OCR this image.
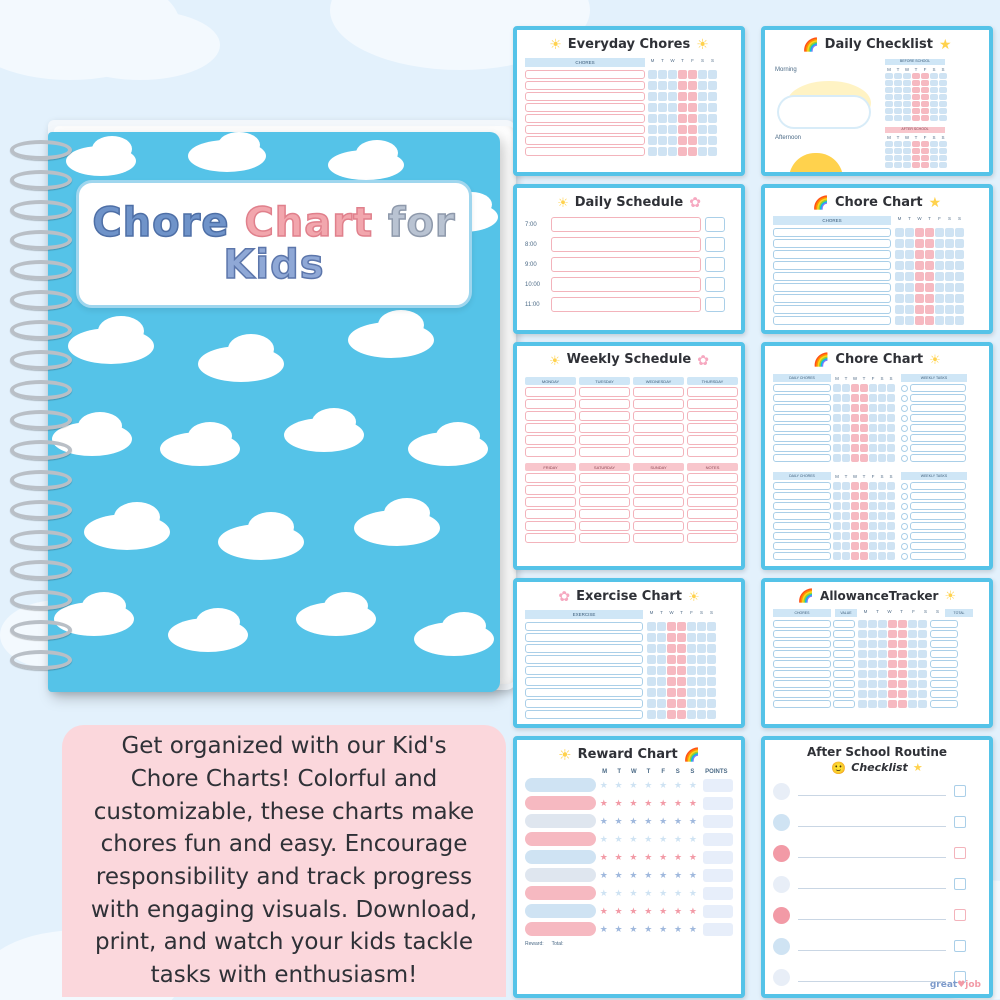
Chore Chart for
Kids
Get organized with our Kid's Chore Charts! Colorful and customizable, these charts make chores fun and easy. Encourage responsibility and track progress with engaging visuals. Download, print, and watch your kids tackle tasks with enthusiasm!
☀ Everyday Chores ☀
CHORES	M	T	W	T	F	S	S
🌈 Daily Checklist ★
Morning
BEFORE SCHOOL
M	T	W	T	F	S	S
Afternoon
AFTER SCHOOL
M	T	W	T	F	S	S
☀ Daily Schedule ✿
7:00
8:00
9:00
10:00
11:00
🌈 Chore Chart ★
CHORES	M	T	W	T	F	S	S
☀ Weekly Schedule ✿
MONDAY	TUESDAY	WEDNESDAY	THURSDAY
FRIDAY	SATURDAY	SUNDAY	NOTES
🌈 Chore Chart ☀
DAILY CHORES	M	T	W	T	F	S	S	WEEKLY TASKS
DAILY CHORES	M	T	W	T	F	S	S	WEEKLY TASKS
✿ Exercise Chart ☀
EXERCISE	M	T	W	T	F	S	S
🌈 AllowanceTracker ☀
CHORES	VALUE	M	T	W	T	F	S	S	TOTAL
☀ Reward Chart 🌈
M	T	W	T	F	S	S	POINTS
★ ★ ★ ★ ★ ★ ★
★ ★ ★ ★ ★ ★ ★
★ ★ ★ ★ ★ ★ ★
★ ★ ★ ★ ★ ★ ★
★ ★ ★ ★ ★ ★ ★
★ ★ ★ ★ ★ ★ ★
★ ★ ★ ★ ★ ★ ★
★ ★ ★ ★ ★ ★ ★
★ ★ ★ ★ ★ ★ ★
Reward: Total:
After School Routine
🙂 Checklist ★
great♥job
